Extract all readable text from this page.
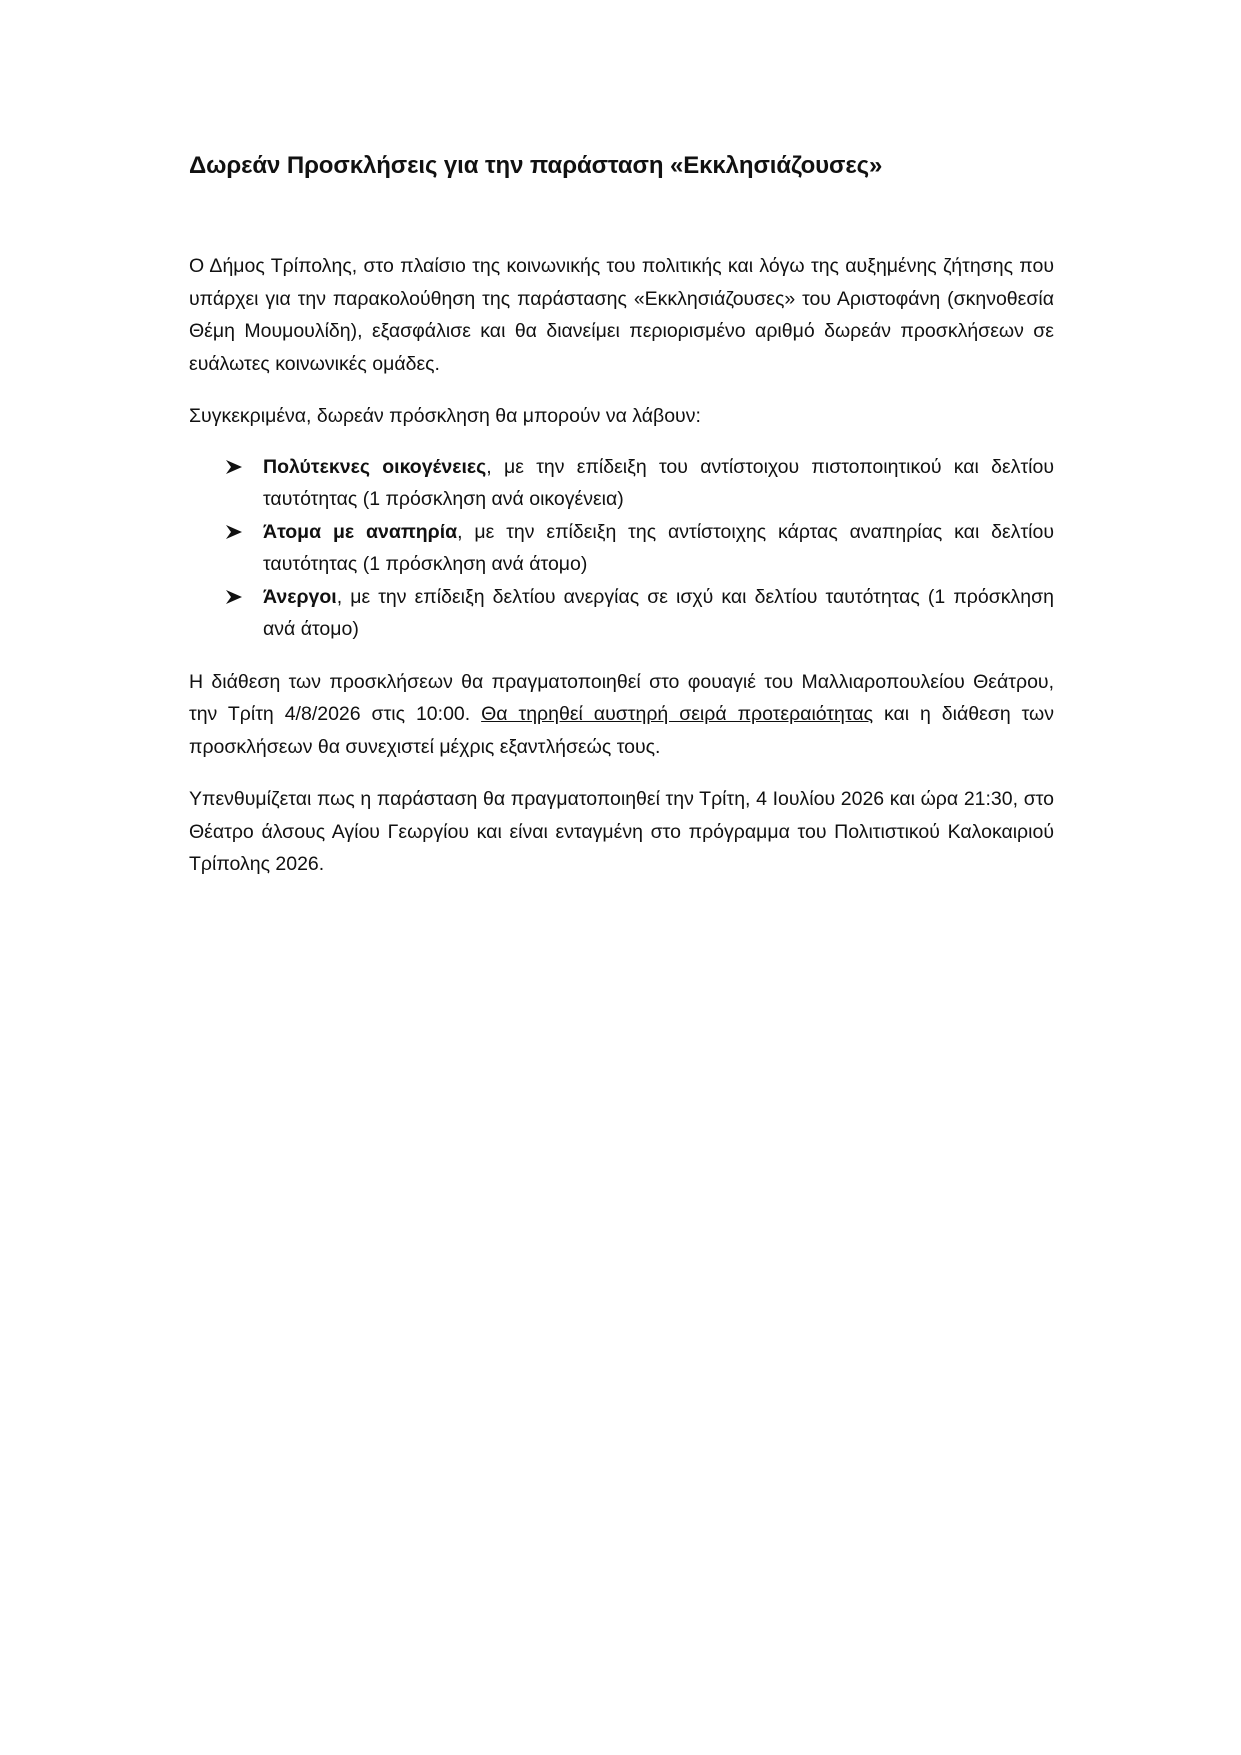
Δωρεάν Προσκλήσεις για την παράσταση «Εκκλησιάζουσες»

Ο Δήμος Τρίπολης, στο πλαίσιο της κοινωνικής του πολιτικής και λόγω της αυξημένης ζήτησης που υπάρχει για την παρακολούθηση της παράστασης «Εκκλησιάζουσες» του Αριστοφάνη (σκηνοθεσία Θέμη Μουμουλίδη), εξασφάλισε και θα διανείμει περιορισμένο αριθμό δωρεάν προσκλήσεων σε ευάλωτες κοινωνικές ομάδες.

Συγκεκριμένα, δωρεάν πρόσκληση θα μπορούν να λάβουν:

Πολύτεκνες οικογένειες, με την επίδειξη του αντίστοιχου πιστοποιητικού και δελτίου ταυτότητας (1 πρόσκληση ανά οικογένεια)
Άτομα με αναπηρία, με την επίδειξη της αντίστοιχης κάρτας αναπηρίας και δελτίου ταυτότητας (1 πρόσκληση ανά άτομο)
Άνεργοι, με την επίδειξη δελτίου ανεργίας σε ισχύ και δελτίου ταυτότητας (1 πρόσκληση ανά άτομο)

Η διάθεση των προσκλήσεων θα πραγματοποιηθεί στο φουαγιέ του Μαλλιαροπουλείου Θεάτρου, την Τρίτη 4/8/2026 στις 10:00. Θα τηρηθεί αυστηρή σειρά προτεραιότητας και η διάθεση των προσκλήσεων θα συνεχιστεί μέχρις εξαντλήσεώς τους.

Υπενθυμίζεται πως η παράσταση θα πραγματοποιηθεί την Τρίτη, 4 Ιουλίου 2026 και ώρα 21:30, στο Θέατρο άλσους Αγίου Γεωργίου και είναι ενταγμένη στο πρόγραμμα του Πολιτιστικού Καλοκαιριού Τρίπολης 2026.
